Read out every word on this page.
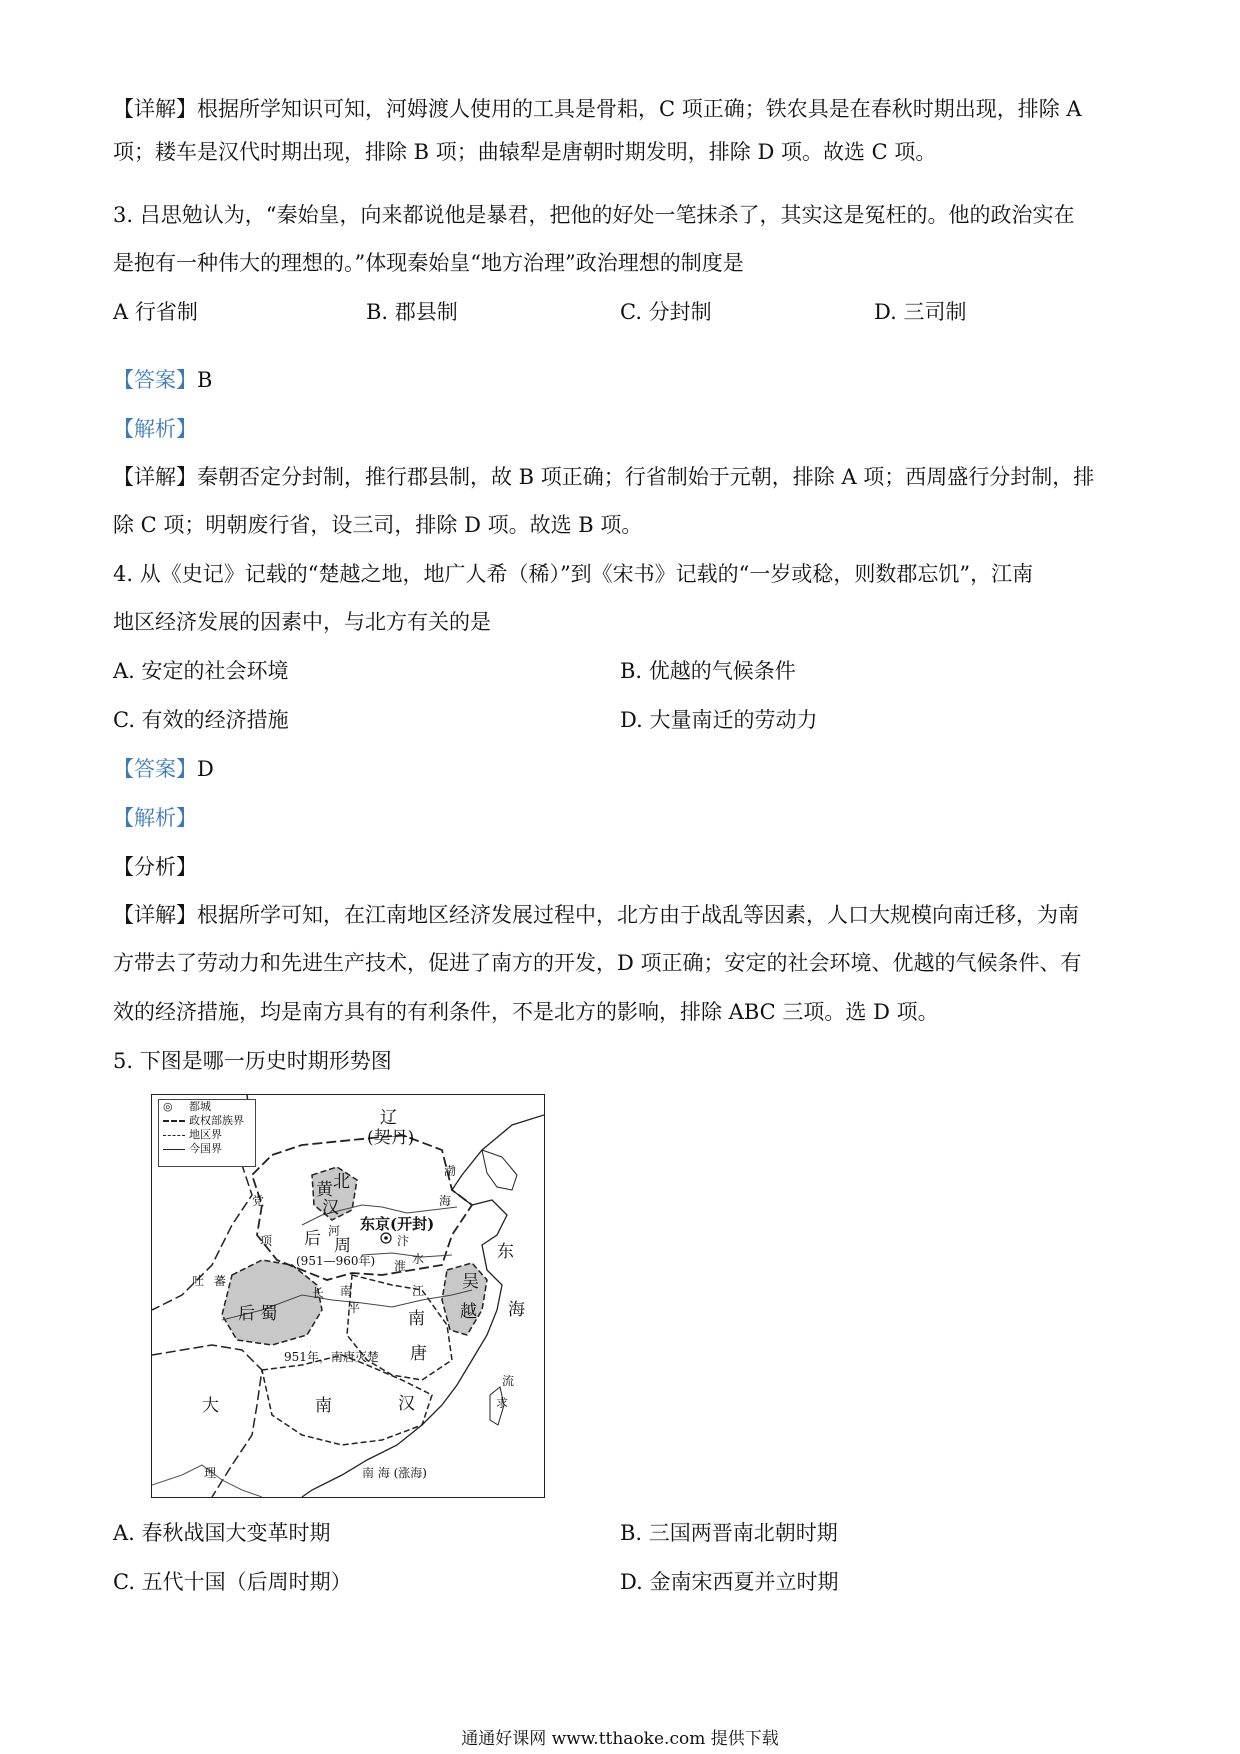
【详解】根据所学知识可知，河姆渡人使用的工具是骨耜，C 项正确；铁农具是在春秋时期出现，排除 A
项；耧车是汉代时期出现，排除 B 项；曲辕犁是唐朝时期发明，排除 D 项。故选 C 项。
3. 吕思勉认为，“秦始皇，向来都说他是暴君，把他的好处一笔抹杀了，其实这是冤枉的。他的政治实在
是抱有一种伟大的理想的。”体现秦始皇“地方治理”政治理想的制度是
A 行省制	B. 郡县制	C. 分封制	D. 三司制
【答案】B
【解析】
【详解】秦朝否定分封制，推行郡县制，故 B 项正确；行省制始于元朝，排除 A 项；西周盛行分封制，排
除 C 项；明朝废行省，设三司，排除 D 项。故选 B 项。
4. 从《史记》记载的“楚越之地，地广人希（稀）”到《宋书》记载的“一岁或稔，则数郡忘饥”，江南
地区经济发展的因素中，与北方有关的是
A. 安定的社会环境	B. 优越的气候条件
C. 有效的经济措施	D. 大量南迁的劳动力
【答案】D
【解析】
【分析】
【详解】根据所学可知，在江南地区经济发展过程中，北方由于战乱等因素，人口大规模向南迁移，为南
方带去了劳动力和先进生产技术，促进了南方的开发，D 项正确；安定的社会环境、优越的气候条件、有
效的经济措施，均是南方具有的有利条件，不是北方的影响，排除 ABC 三项。选 D 项。
5. 下图是哪一历史时期形势图
◎	都城
政权部族界
地区界
今国界
辽
(契丹)
渤
海
党
项
黄 北
汉
河 东京(开封)
汴
水
淮
后 周
(951—960年)	东
吐 蕃
后 蜀
长 南
平
江
南
唐
吴
越 海
951年，南唐灭楚
大
理
南	汉
流
求
南 海 (涨海)
A. 春秋战国大变革时期	B. 三国两晋南北朝时期
C. 五代十国（后周时期）	D. 金南宋西夏并立时期
通通好课网 www.tthaoke.com 提供下载
